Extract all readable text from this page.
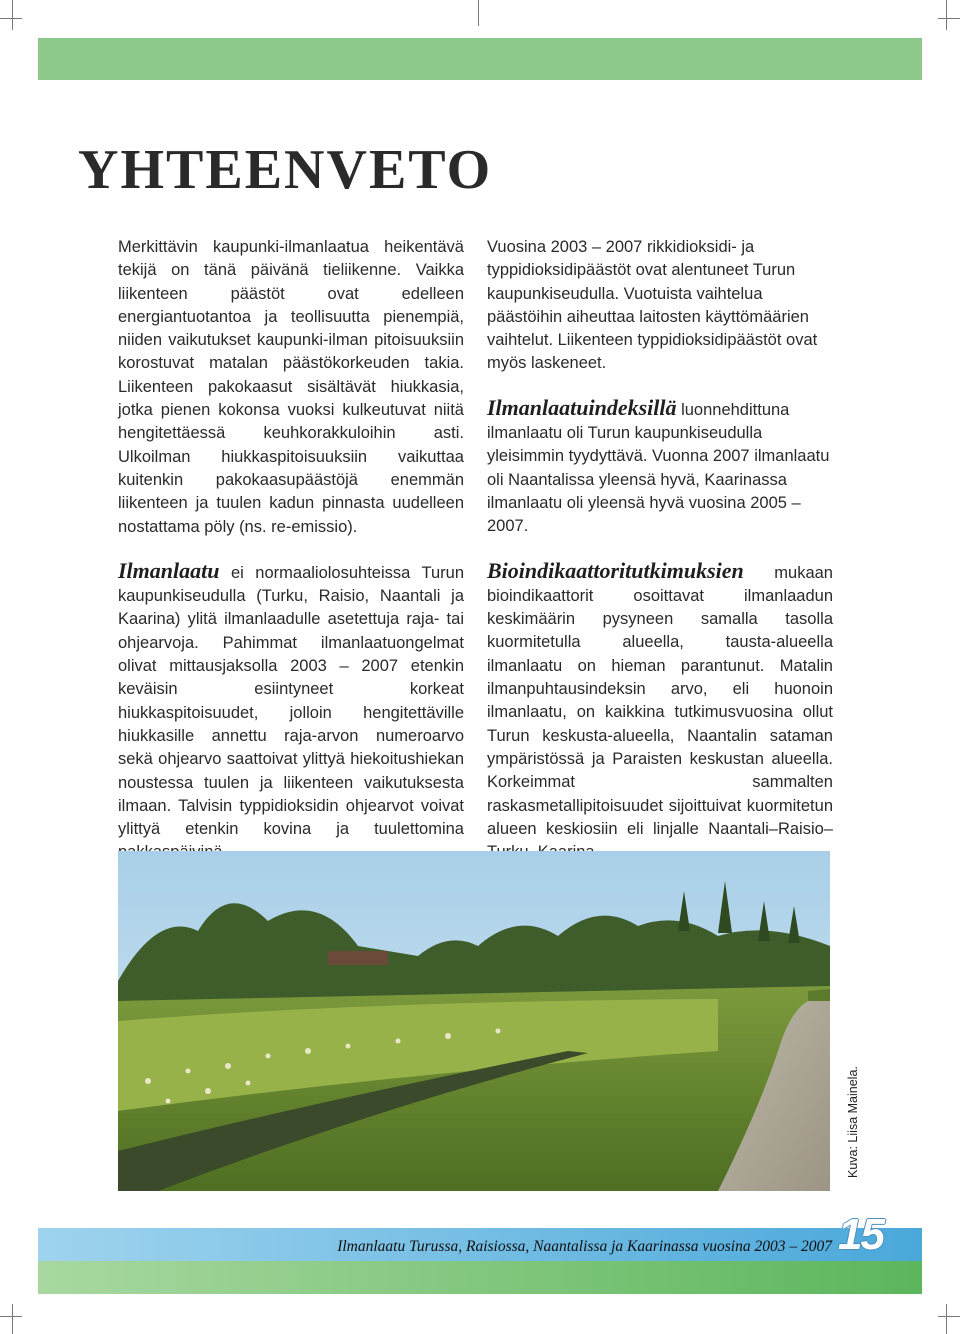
YHTEENVETO

Merkittävin kaupunki-ilmanlaatua heikentävä tekijä on tänä päivänä tieliikenne. Vaikka liikenteen päästöt ovat edelleen energiantuotantoa ja teollisuutta pienempiä, niiden vaikutukset kaupunki-ilman pitoisuuksiin korostuvat matalan päästökorkeuden takia. Liikenteen pakokaasut sisältävät hiukkasia, jotka pienen kokonsa vuoksi kulkeutuvat niitä hengitettäessä keuhkorakkuloihin asti. Ulkoilman hiukkaspitoisuuksiin vaikuttaa kuitenkin pakokaasupäästöjä enemmän liikenteen ja tuulen kadun pinnasta uudelleen nostattama pöly (ns. re-emissio).

Ilmanlaatu ei normaaliolosuhteissa Turun kaupunkiseudulla (Turku, Raisio, Naantali ja Kaarina) ylitä ilmanlaadulle asetettuja raja- tai ohjearvoja. Pahimmat ilmanlaatuongelmat olivat mittausjaksolla 2003 – 2007 etenkin keväisin esiintyneet korkeat hiukkaspitoisuudet, jolloin hengitettäville hiukkasille annettu raja-arvon numeroarvo sekä ohjearvo saattoivat ylittyä hiekoitushiekan noustessa tuulen ja liikenteen vaikutuksesta ilmaan. Talvisin typpidioksidin ohjearvot voivat ylittyä etenkin kovina ja tuulettomina

Vuosina 2003 – 2007 rikkidioksidi- ja typpidioksidipäästöt ovat alentuneet Turun kaupunkiseudulla. Vuotuista vaihtelua päästöihin aiheuttaa laitosten käyttömäärien vaihtelut. Liikenteen typpidioksidipäästöt ovat myös laskeneet.

Ilmanlaatuindeksillä luonnehdittuna ilmanlaatu oli Turun kaupunkiseudulla yleisimmin tyydyttävä. Vuonna 2007 ilmanlaatu oli Naantalissa yleensä hyvä, Kaarinassa ilmanlaatu oli yleensä hyvä vuosina 2005 – 2007.

Bioindikaattoritutkimuksien mukaan bioindikaattorit osoittavat ilmanlaadun keskimäärin pysyneen samalla tasolla kuormitetulla alueella, tausta-alueella ilmanlaatu on hieman parantunut. Matalin ilmanpuhtausindeksin arvo, eli huonoin ilmanlaatu, on kaikkina tutkimusvuosina ollut Turun keskusta-alueella, Naantalin sataman ympäristössä ja Paraisten keskustan alueella. Korkeimmat sammalten raskasmetallipitoisuudet sijoittuivat kuormitetun alueen keskiosiin eli linjalle Naantali–Raisio–

Kuva: Liisa Mainela.
Ilmanlaatu Turussa, Raisiossa, Naantalissa ja Kaarinassa vuosina 2003 – 2007 15
